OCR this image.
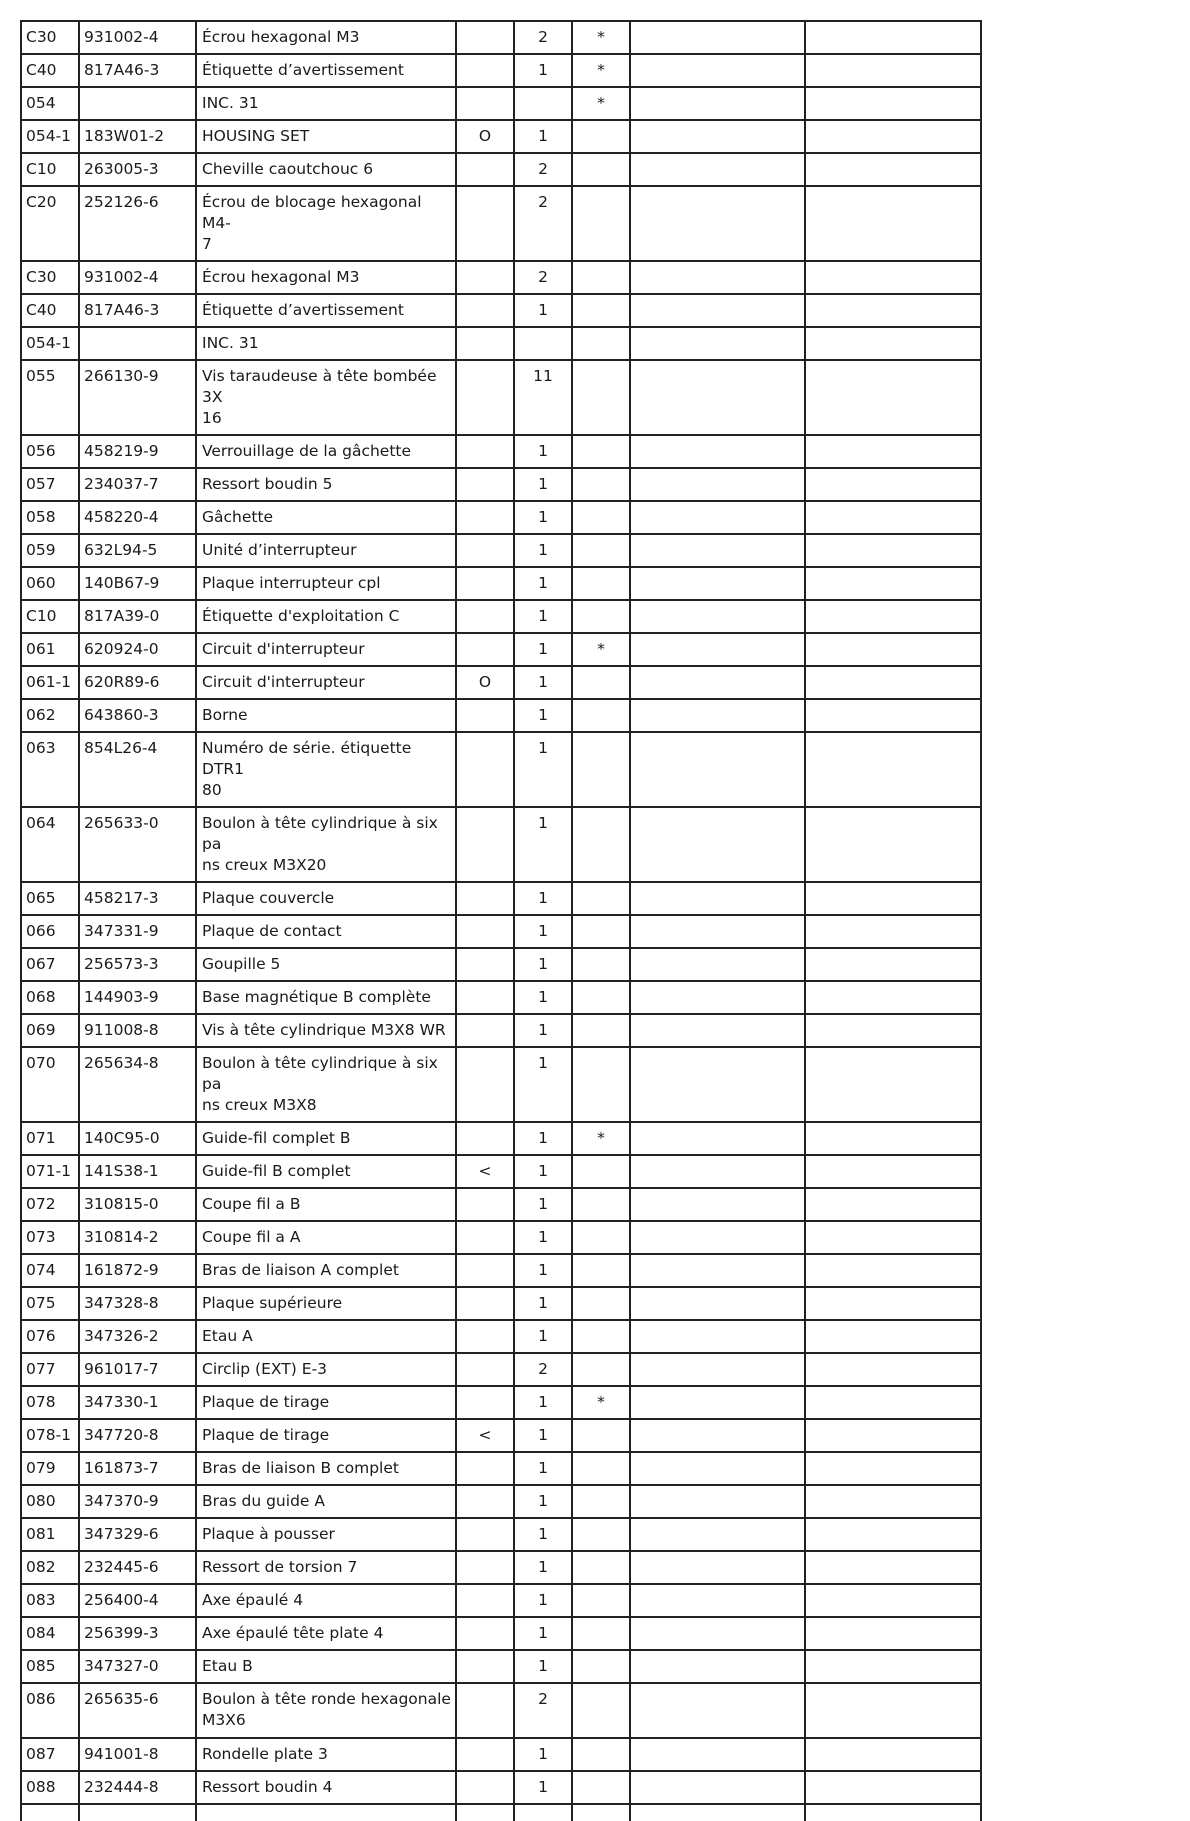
C30	931002-4	Écrou hexagonal M3		2	*		
C40	817A46-3	Étiquette d’avertissement		1	*		
054		INC. 31			*		
054-1	183W01-2	HOUSING SET	O	1			
C10	263005-3	Cheville caoutchouc 6		2			
C20	252126-6	Écrou de blocage hexagonal M4-
7		2			
C30	931002-4	Écrou hexagonal M3		2			
C40	817A46-3	Étiquette d’avertissement		1			
054-1		INC. 31					
055	266130-9	Vis taraudeuse à tête bombée 3X
16		11			
056	458219-9	Verrouillage de la gâchette		1			
057	234037-7	Ressort boudin 5		1			
058	458220-4	Gâchette		1			
059	632L94-5	Unité d’interrupteur		1			
060	140B67-9	Plaque interrupteur cpl		1			
C10	817A39-0	Étiquette d'exploitation C		1			
061	620924-0	Circuit d'interrupteur		1	*		
061-1	620R89-6	Circuit d'interrupteur	O	1			
062	643860-3	Borne		1			
063	854L26-4	Numéro de série. étiquette DTR1
80		1			
064	265633-0	Boulon à tête cylindrique à six pa
ns creux M3X20		1			
065	458217-3	Plaque couvercle		1			
066	347331-9	Plaque de contact		1			
067	256573-3	Goupille 5		1			
068	144903-9	Base magnétique B complète		1			
069	911008-8	Vis à tête cylindrique M3X8 WR		1			
070	265634-8	Boulon à tête cylindrique à six pa
ns creux M3X8		1			
071	140C95-0	Guide-fil complet B		1	*		
071-1	141S38-1	Guide-fil B complet	<	1			
072	310815-0	Coupe fil a B		1			
073	310814-2	Coupe fil a A		1			
074	161872-9	Bras de liaison A complet		1			
075	347328-8	Plaque supérieure		1			
076	347326-2	Etau A		1			
077	961017-7	Circlip (EXT) E-3		2			
078	347330-1	Plaque de tirage		1	*		
078-1	347720-8	Plaque de tirage	<	1			
079	161873-7	Bras de liaison B complet		1			
080	347370-9	Bras du guide A		1			
081	347329-6	Plaque à pousser		1			
082	232445-6	Ressort de torsion 7		1			
083	256400-4	Axe épaulé 4		1			
084	256399-3	Axe épaulé tête plate 4		1			
085	347327-0	Etau B		1			
086	265635-6	Boulon à tête ronde hexagonale
M3X6		2			
087	941001-8	Rondelle plate 3		1			
088	232444-8	Ressort boudin 4		1			
